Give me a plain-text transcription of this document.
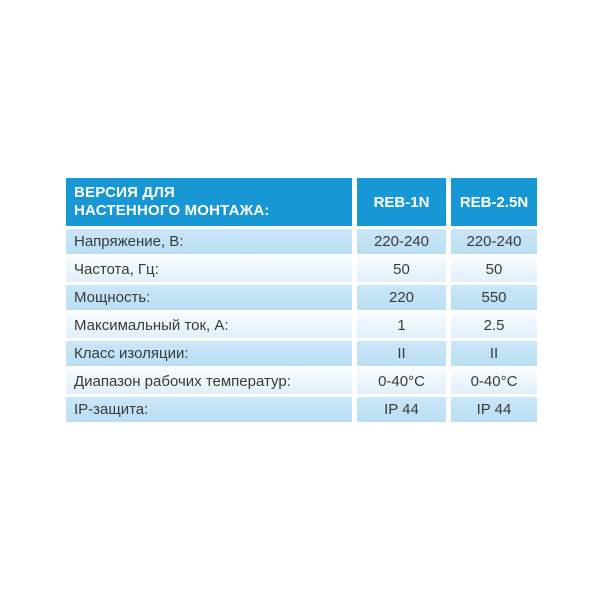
ВЕРСИЯ ДЛЯ
НАСТЕННОГО МОНТАЖА:	REB-1N	REB-2.5N
Напряжение, В:	220-240	220-240
Частота, Гц:	50	50
Мощность:	220	550
Максимальный ток, А:	1	2.5
Класс изоляции:	II	II
Диапазон рабочих температур:	0-40°C	0-40°C
IP-защита:	IP 44	IP 44
